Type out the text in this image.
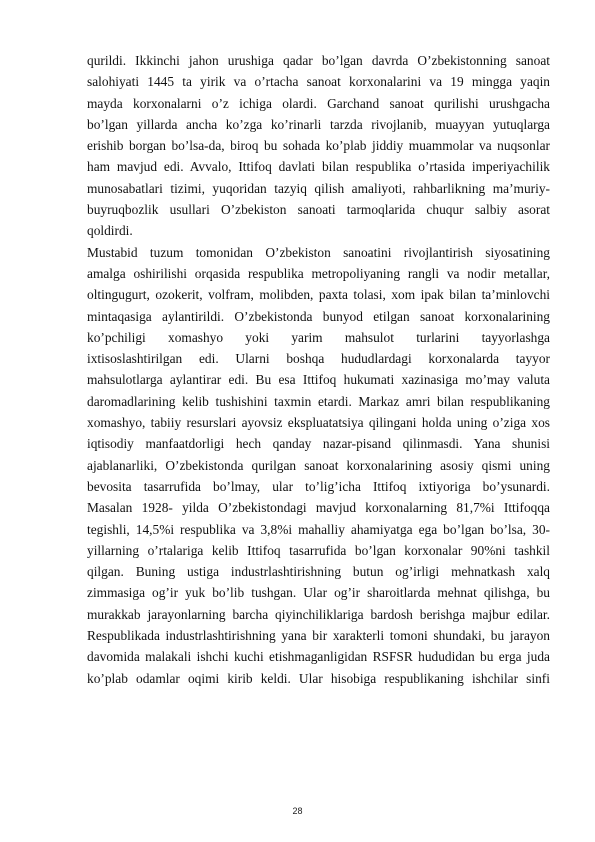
qurildi. Ikkinchi jahon urushiga qadar bo’lgan davrda O’zbekistonning sanoat
salohiyati 1445 ta yirik va o’rtacha sanoat korxonalarini va 19 mingga yaqin
mayda korxonalarni o’z ichiga olardi. Garchand sanoat qurilishi urushgacha
bo’lgan yillarda ancha ko’zga ko’rinarli tarzda rivojlanib, muayyan yutuqlarga
erishib borgan bo’lsa-da, biroq bu sohada ko’plab jiddiy muammolar va nuqsonlar
ham mavjud edi. Avvalo, Ittifoq davlati bilan respublika o’rtasida imperiyachilik
munosabatlari tizimi, yuqoridan tazyiq qilish amaliyoti, rahbarlikning ma’muriy-
buyruqbozlik usullari O’zbekiston sanoati tarmoqlarida chuqur salbiy asorat
qoldirdi.
Mustabid tuzum tomonidan O’zbekiston sanoatini rivojlantirish siyosatining
amalga oshirilishi orqasida respublika metropoliyaning rangli va nodir metallar,
oltingugurt, ozokerit, volfram, molibden, paxta tolasi, xom ipak bilan ta’minlovchi
mintaqasiga aylantirildi. O’zbekistonda bunyod etilgan sanoat korxonalarining
ko’pchiligi xomashyo yoki yarim mahsulot turlarini tayyorlashga
ixtisoslashtirilgan edi. Ularni boshqa hududlardagi korxonalarda tayyor
mahsulotlarga aylantirar edi. Bu esa Ittifoq hukumati xazinasiga mo’may valuta
daromadlarining kelib tushishini taxmin etardi. Markaz amri bilan respublikaning
xomashyo, tabiiy resurslari ayovsiz ekspluatatsiya qilingani holda uning o’ziga xos
iqtisodiy manfaatdorligi hech qanday nazar-pisand qilinmasdi. Yana shunisi
ajablanarliki, O’zbekistonda qurilgan sanoat korxonalarining asosiy qismi uning
bevosita tasarrufida bo’lmay, ular to’lig’icha Ittifoq ixtiyoriga bo’ysunardi.
Masalan 1928- yilda O’zbekistondagi mavjud korxonalarning 81,7%i Ittifoqqa
tegishli, 14,5%i respublika va 3,8%i mahalliy ahamiyatga ega bo’lgan bo’lsa, 30-
yillarning o’rtalariga kelib Ittifoq tasarrufida bo’lgan korxonalar 90%ni tashkil
qilgan. Buning ustiga industrlashtirishning butun og’irligi mehnatkash xalq
zimmasiga og’ir yuk bo’lib tushgan. Ular og’ir sharoitlarda mehnat qilishga, bu
murakkab jarayonlarning barcha qiyinchiliklariga bardosh berishga majbur edilar.
Respublikada industrlashtirishning yana bir xarakterli tomoni shundaki, bu jarayon
davomida malakali ishchi kuchi etishmaganligidan RSFSR hududidan bu erga juda
ko’plab odamlar oqimi kirib keldi. Ular hisobiga respublikaning ishchilar sinfi
28
